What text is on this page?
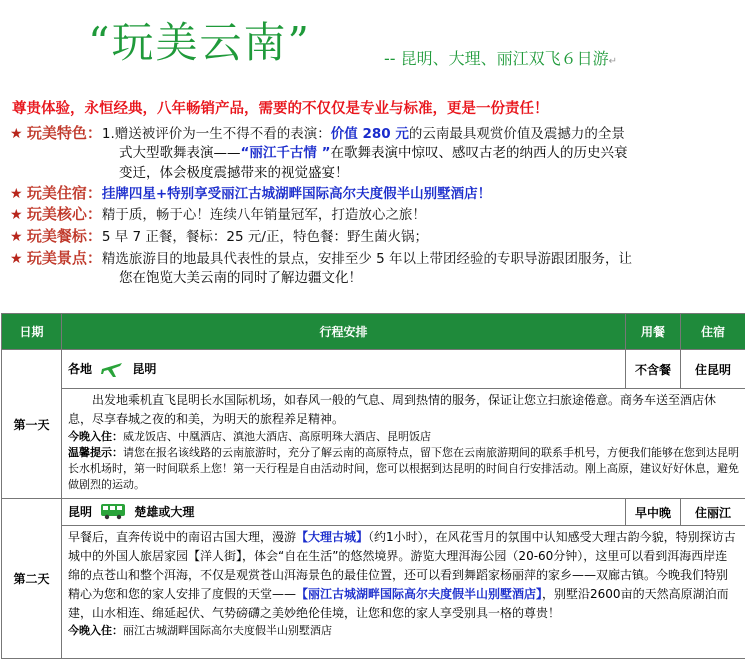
“玩美云南”	-- 昆明、大理、丽江双飞６日游↵
尊贵体验，永恒经典，八年畅销产品，需要的不仅仅是专业与标准，更是一份责任！
★ 玩美特色：1.赠送被评价为一生不得不看的表演：价值 280 元的云南最具观赏价值及震撼力的全景
式大型歌舞表演——“丽江千古情 ”在歌舞表演中惊叹、感叹古老的纳西人的历史兴衰
变迁，体会极度震撼带来的视觉盛宴！
★ 玩美住宿：挂牌四星+特别享受丽江古城湖畔国际高尔夫度假半山别墅酒店！
★ 玩美核心：精于质，畅于心！连续八年销量冠军，打造放心之旅！
★ 玩美餐标：5 早 7 正餐，餐标：25 元/正，特色餐：野生菌火锅；
★ 玩美景点：精选旅游目的地最具代表性的景点，安排至少 5 年以上带团经验的专职导游跟团服务，让
您在饱览大美云南的同时了解边疆文化！
日期	行程安排	用餐	住宿
第一天	各地 昆明	不含餐	住昆明

	出发地乘机直飞昆明长水国际机场，如春风一般的气息、周到热情的服务，保证让您立扫旅途倦意。商务车送至酒店休息，尽享春城之夜的和美，为明天的旅程养足精神。
今晚入住：威龙饭店、中凰酒店、滇池大酒店、高原明珠大酒店、昆明饭店
温馨提示：请您在报名该线路的云南旅游时，充分了解云南的高原特点，留下您在云南旅游期间的联系手机号，方便我们能够在您到达昆明长水机场时，第一时间联系上您！第一天行程是自由活动时间，您可以根据到达昆明的时间自行安排活动。刚上高原，建议好好休息，避免做剧烈的运动。		

第二天	昆明 楚雄或大理	早中晚	住丽江

	早餐后，直奔传说中的南诏古国大理，漫游【大理古城】（约1小时），在风花雪月的氛围中认知感受大理古韵今貌，特别探访古城中的外国人旅居家园【洋人街】，体会“自在生活”的悠然境界。游览大理洱海公园（20-60分钟），这里可以看到洱海西岸连绵的点苍山和整个洱海，不仅是观赏苍山洱海景色的最佳位置，还可以看到舞蹈家杨丽萍的家乡——双廊古镇。今晚我们特别精心为您和您的家人安排了度假的天堂——【丽江古城湖畔国际高尔夫度假半山别墅酒店】，别墅沿2600亩的天然高原湖泊而建，山水相连、绵延起伏、气势磅礴之美妙绝伦佳境，让您和您的家人享受别具一格的尊贵！
今晚入住：丽江古城湖畔国际高尔夫度假半山别墅酒店		
